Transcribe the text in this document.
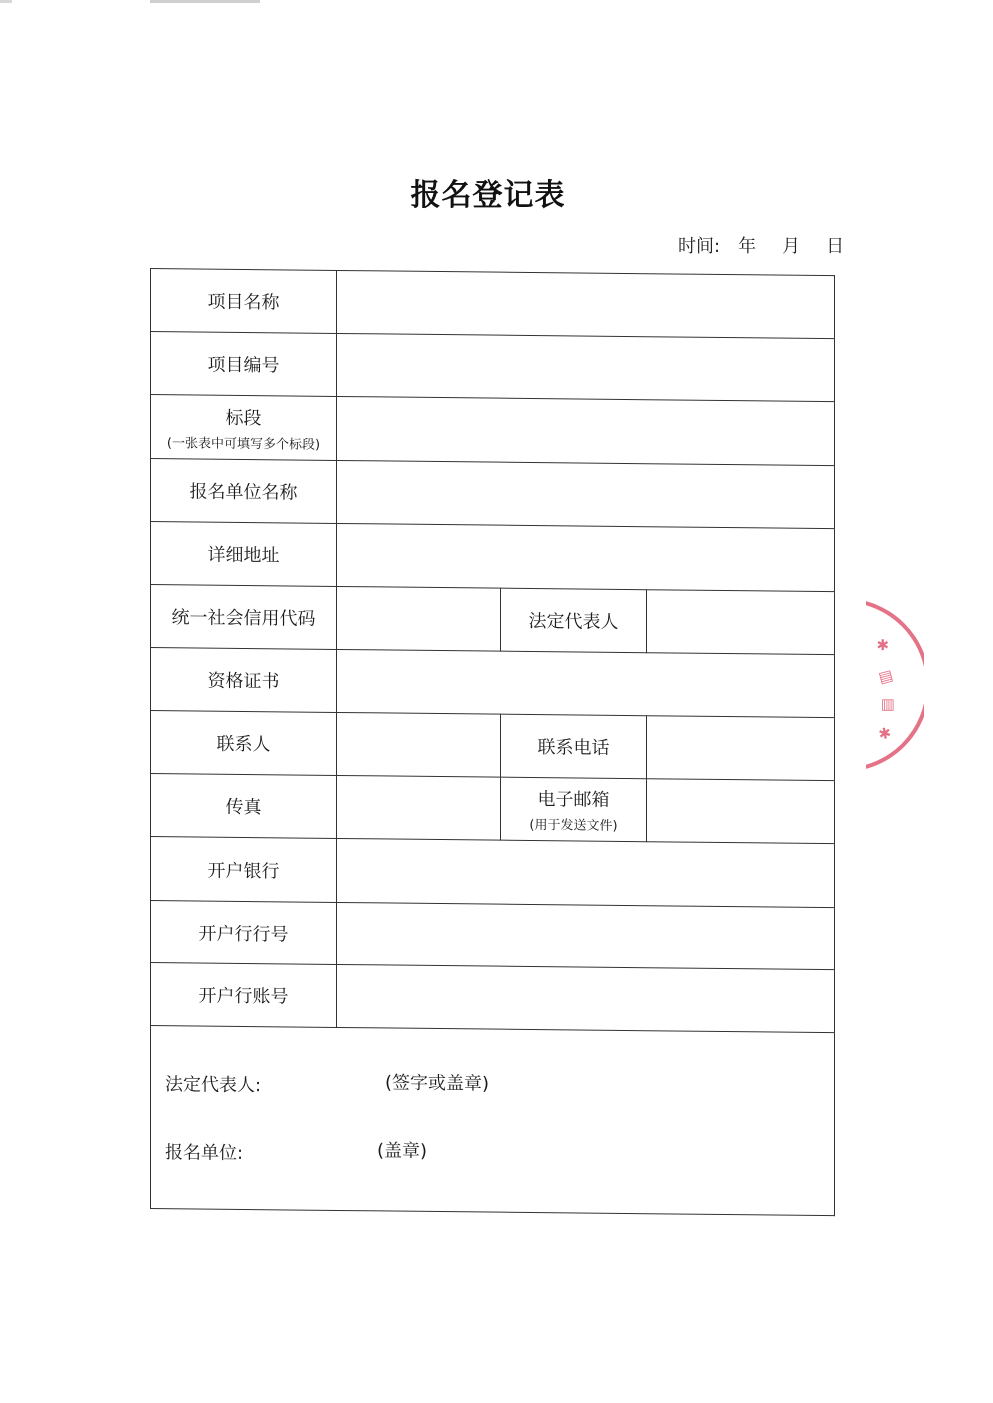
报名登记表
时间: 年 月 日
项目名称			
项目编号			
标段
(一张表中可填写多个标段)			

报名单位名称			
详细地址			
统一社会信用代码		法定代表人	
资格证书			
联系人		联系电话	
传真		电子邮箱
(用于发送文件)	

开户银行			
开户行行号			
开户行账号			

法定代表人: (签字或盖章)
报名单位: (盖章)			
✱
▥
▤
✱
